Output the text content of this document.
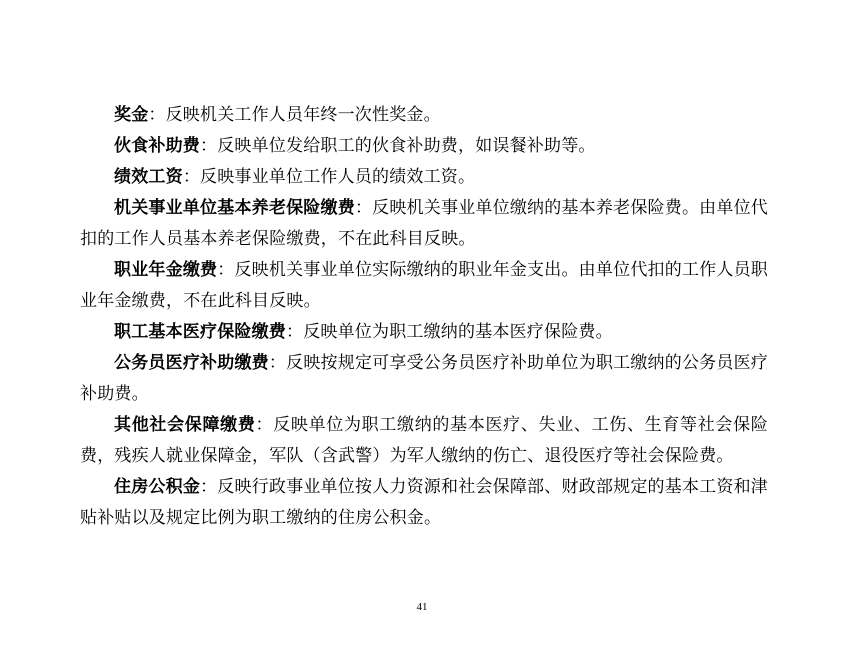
奖金：反映机关工作人员年终一次性奖金。

伙食补助费：反映单位发给职工的伙食补助费，如误餐补助等。

绩效工资：反映事业单位工作人员的绩效工资。

机关事业单位基本养老保险缴费：反映机关事业单位缴纳的基本养老保险费。由单位代扣的工作人员基本养老保险缴费，不在此科目反映。

职业年金缴费：反映机关事业单位实际缴纳的职业年金支出。由单位代扣的工作人员职业年金缴费，不在此科目反映。

职工基本医疗保险缴费：反映单位为职工缴纳的基本医疗保险费。

公务员医疗补助缴费：反映按规定可享受公务员医疗补助单位为职工缴纳的公务员医疗补助费。

其他社会保障缴费：反映单位为职工缴纳的基本医疗、失业、工伤、生育等社会保险费，残疾人就业保障金，军队（含武警）为军人缴纳的伤亡、退役医疗等社会保险费。

住房公积金：反映行政事业单位按人力资源和社会保障部、财政部规定的基本工资和津贴补贴以及规定比例为职工缴纳的住房公积金。

41
